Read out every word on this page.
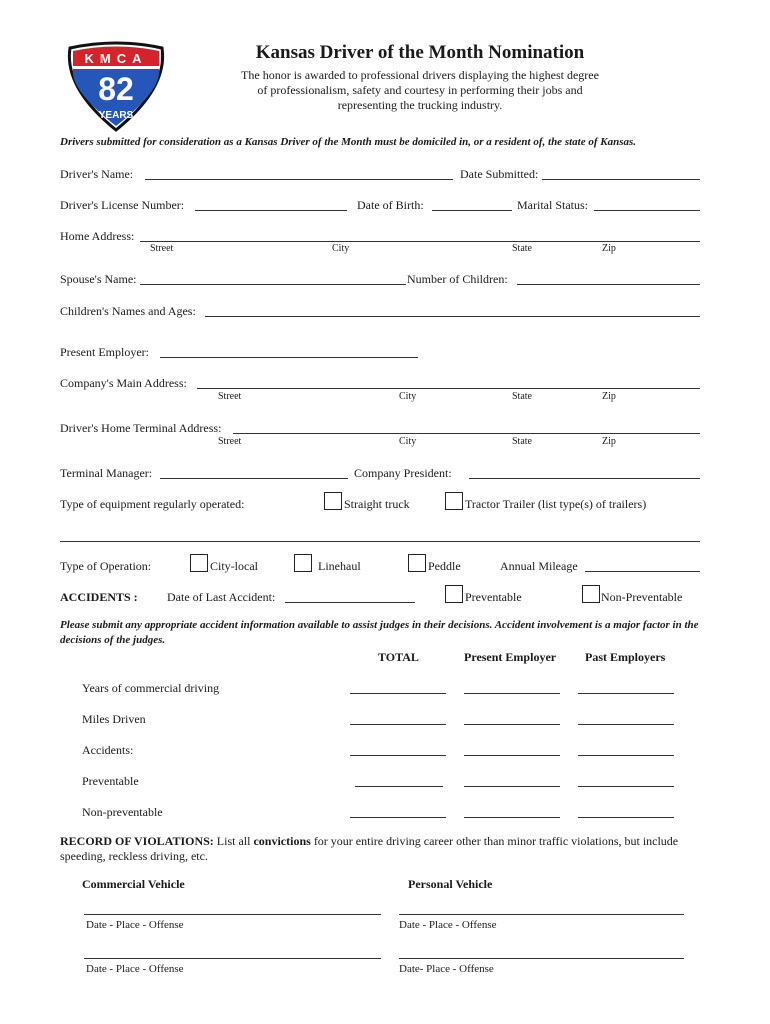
KMCA
82
YEARS
Kansas Driver of the Month Nomination
The honor is awarded to professional drivers displaying the highest degree of professionalism, safety and courtesy in performing their jobs and representing the trucking industry.
Drivers submitted for consideration as a Kansas Driver of the Month must be domiciled in, or a resident of, the state of Kansas.
Driver's Name:	Date Submitted:
Driver's License Number:	Date of Birth:	Marital Status:
Home Address:
Street	City	State	Zip
Spouse's Name:	Number of Children:
Children's Names and Ages:
Present Employer:
Company's Main Address:
Street	City	State	Zip
Driver's Home Terminal Address:
Street	City	State	Zip
Terminal Manager:	Company President:
Type of equipment regularly operated:	Straight truck	Tractor Trailer (list type(s) of trailers)
Type of Operation:	City-local	Linehaul	Peddle	Annual Mileage
ACCIDENTS : Date of Last Accident:	Preventable	Non-Preventable
Please submit any appropriate accident information available to assist judges in their decisions. Accident involvement is a major factor in the decisions of the judges.
TOTAL	Present Employer Past Employers
Years of commercial driving
Miles Driven
Accidents:
Preventable
Non-preventable
RECORD OF VIOLATIONS: List all convictions for your entire driving career other than minor traffic violations, but include speeding, reckless driving, etc.
Commercial Vehicle	Personal Vehicle
Date - Place - Offense	Date - Place - Offense
Date - Place - Offense	Date- Place - Offense
